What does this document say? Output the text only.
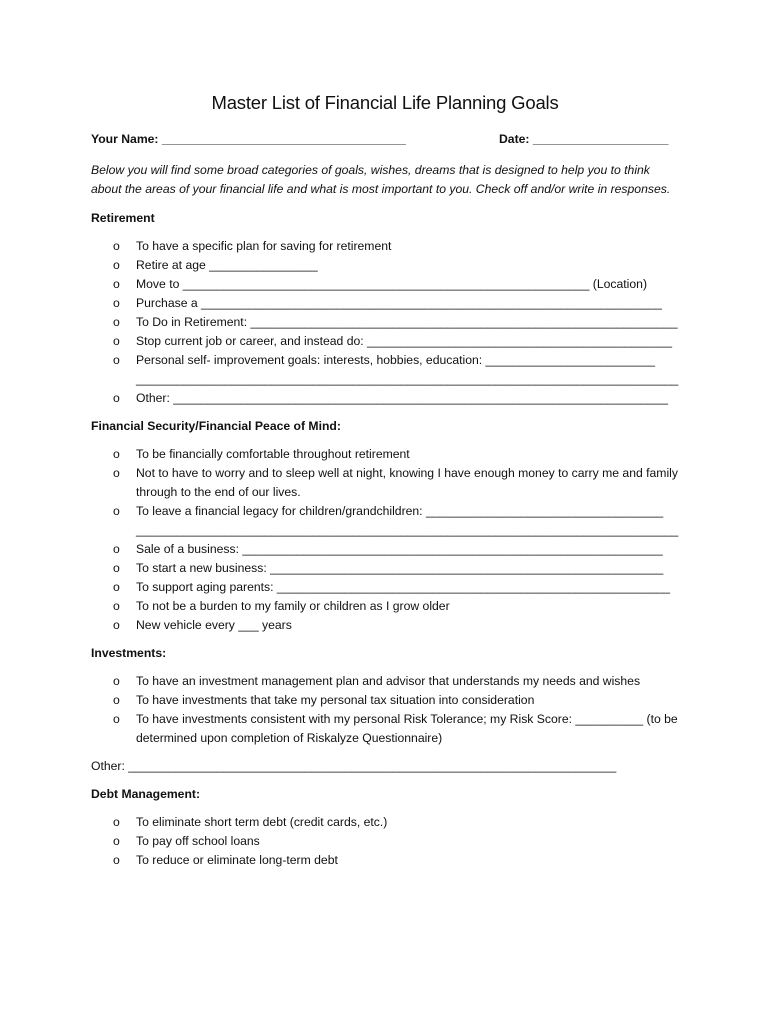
Master List of Financial Life Planning Goals
Your Name: ____________________________________	Date: ____________________

Below you will find some broad categories of goals, wishes, dreams that is designed to help you to think about the areas of your financial life and what is most important to you. Check off and/or write in responses.

Retirement

o To have a specific plan for saving for retirement
o Retire at age ________________
o Move to ____________________________________________________________ (Location)
o Purchase a ____________________________________________________________________
o To Do in Retirement: _______________________________________________________________
o Stop current job or career, and instead do: _____________________________________________
o Personal self- improvement goals: interests, hobbies, education: _________________________
________________________________________________________________________________
o Other: _________________________________________________________________________

Financial Security/Financial Peace of Mind:

o To be financially comfortable throughout retirement
o Not to have to worry and to sleep well at night, knowing I have enough money to carry me and family through to the end of our lives.
o To leave a financial legacy for children/grandchildren: ___________________________________
________________________________________________________________________________
o Sale of a business: ______________________________________________________________
o To start a new business: __________________________________________________________
o To support aging parents: __________________________________________________________
o To not be a burden to my family or children as I grow older
o New vehicle every ___ years

Investments:

o To have an investment management plan and advisor that understands my needs and wishes
o To have investments that take my personal tax situation into consideration
o To have investments consistent with my personal Risk Tolerance; my Risk Score: __________ (to be determined upon completion of Riskalyze Questionnaire)

Other: ________________________________________________________________________

Debt Management:

o To eliminate short term debt (credit cards, etc.)
o To pay off school loans
o To reduce or eliminate long-term debt
